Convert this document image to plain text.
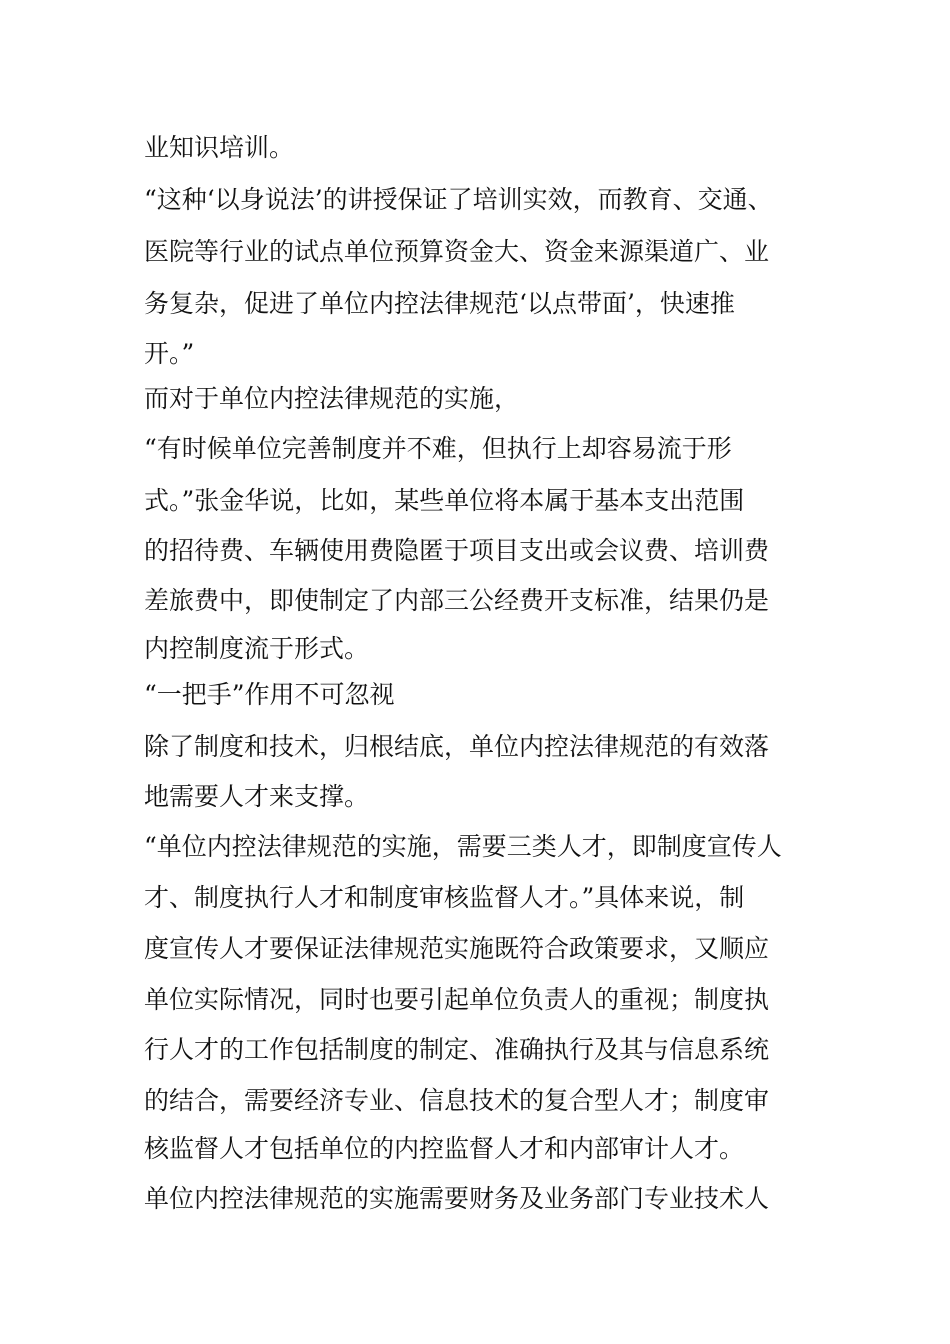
业知识培训。

“这种‘以身说法’的讲授保证了培训实效，而教育、交通、

医院等行业的试点单位预算资金大、资金来源渠道广、业

务复杂，促进了单位内控法律规范‘以点带面’，快速推

开。”

而对于单位内控法律规范的实施，

“有时候单位完善制度并不难，但执行上却容易流于形

式。”张金华说，比如，某些单位将本属于基本支出范围

的招待费、车辆使用费隐匿于项目支出或会议费、培训费

差旅费中，即使制定了内部三公经费开支标准，结果仍是

内控制度流于形式。

“一把手”作用不可忽视

除了制度和技术，归根结底，单位内控法律规范的有效落

地需要人才来支撑。

“单位内控法律规范的实施，需要三类人才，即制度宣传人

才、制度执行人才和制度审核监督人才。”具体来说，制

度宣传人才要保证法律规范实施既符合政策要求，又顺应

单位实际情况，同时也要引起单位负责人的重视；制度执

行人才的工作包括制度的制定、准确执行及其与信息系统

的结合，需要经济专业、信息技术的复合型人才；制度审

核监督人才包括单位的内控监督人才和内部审计人才。

单位内控法律规范的实施需要财务及业务部门专业技术人
